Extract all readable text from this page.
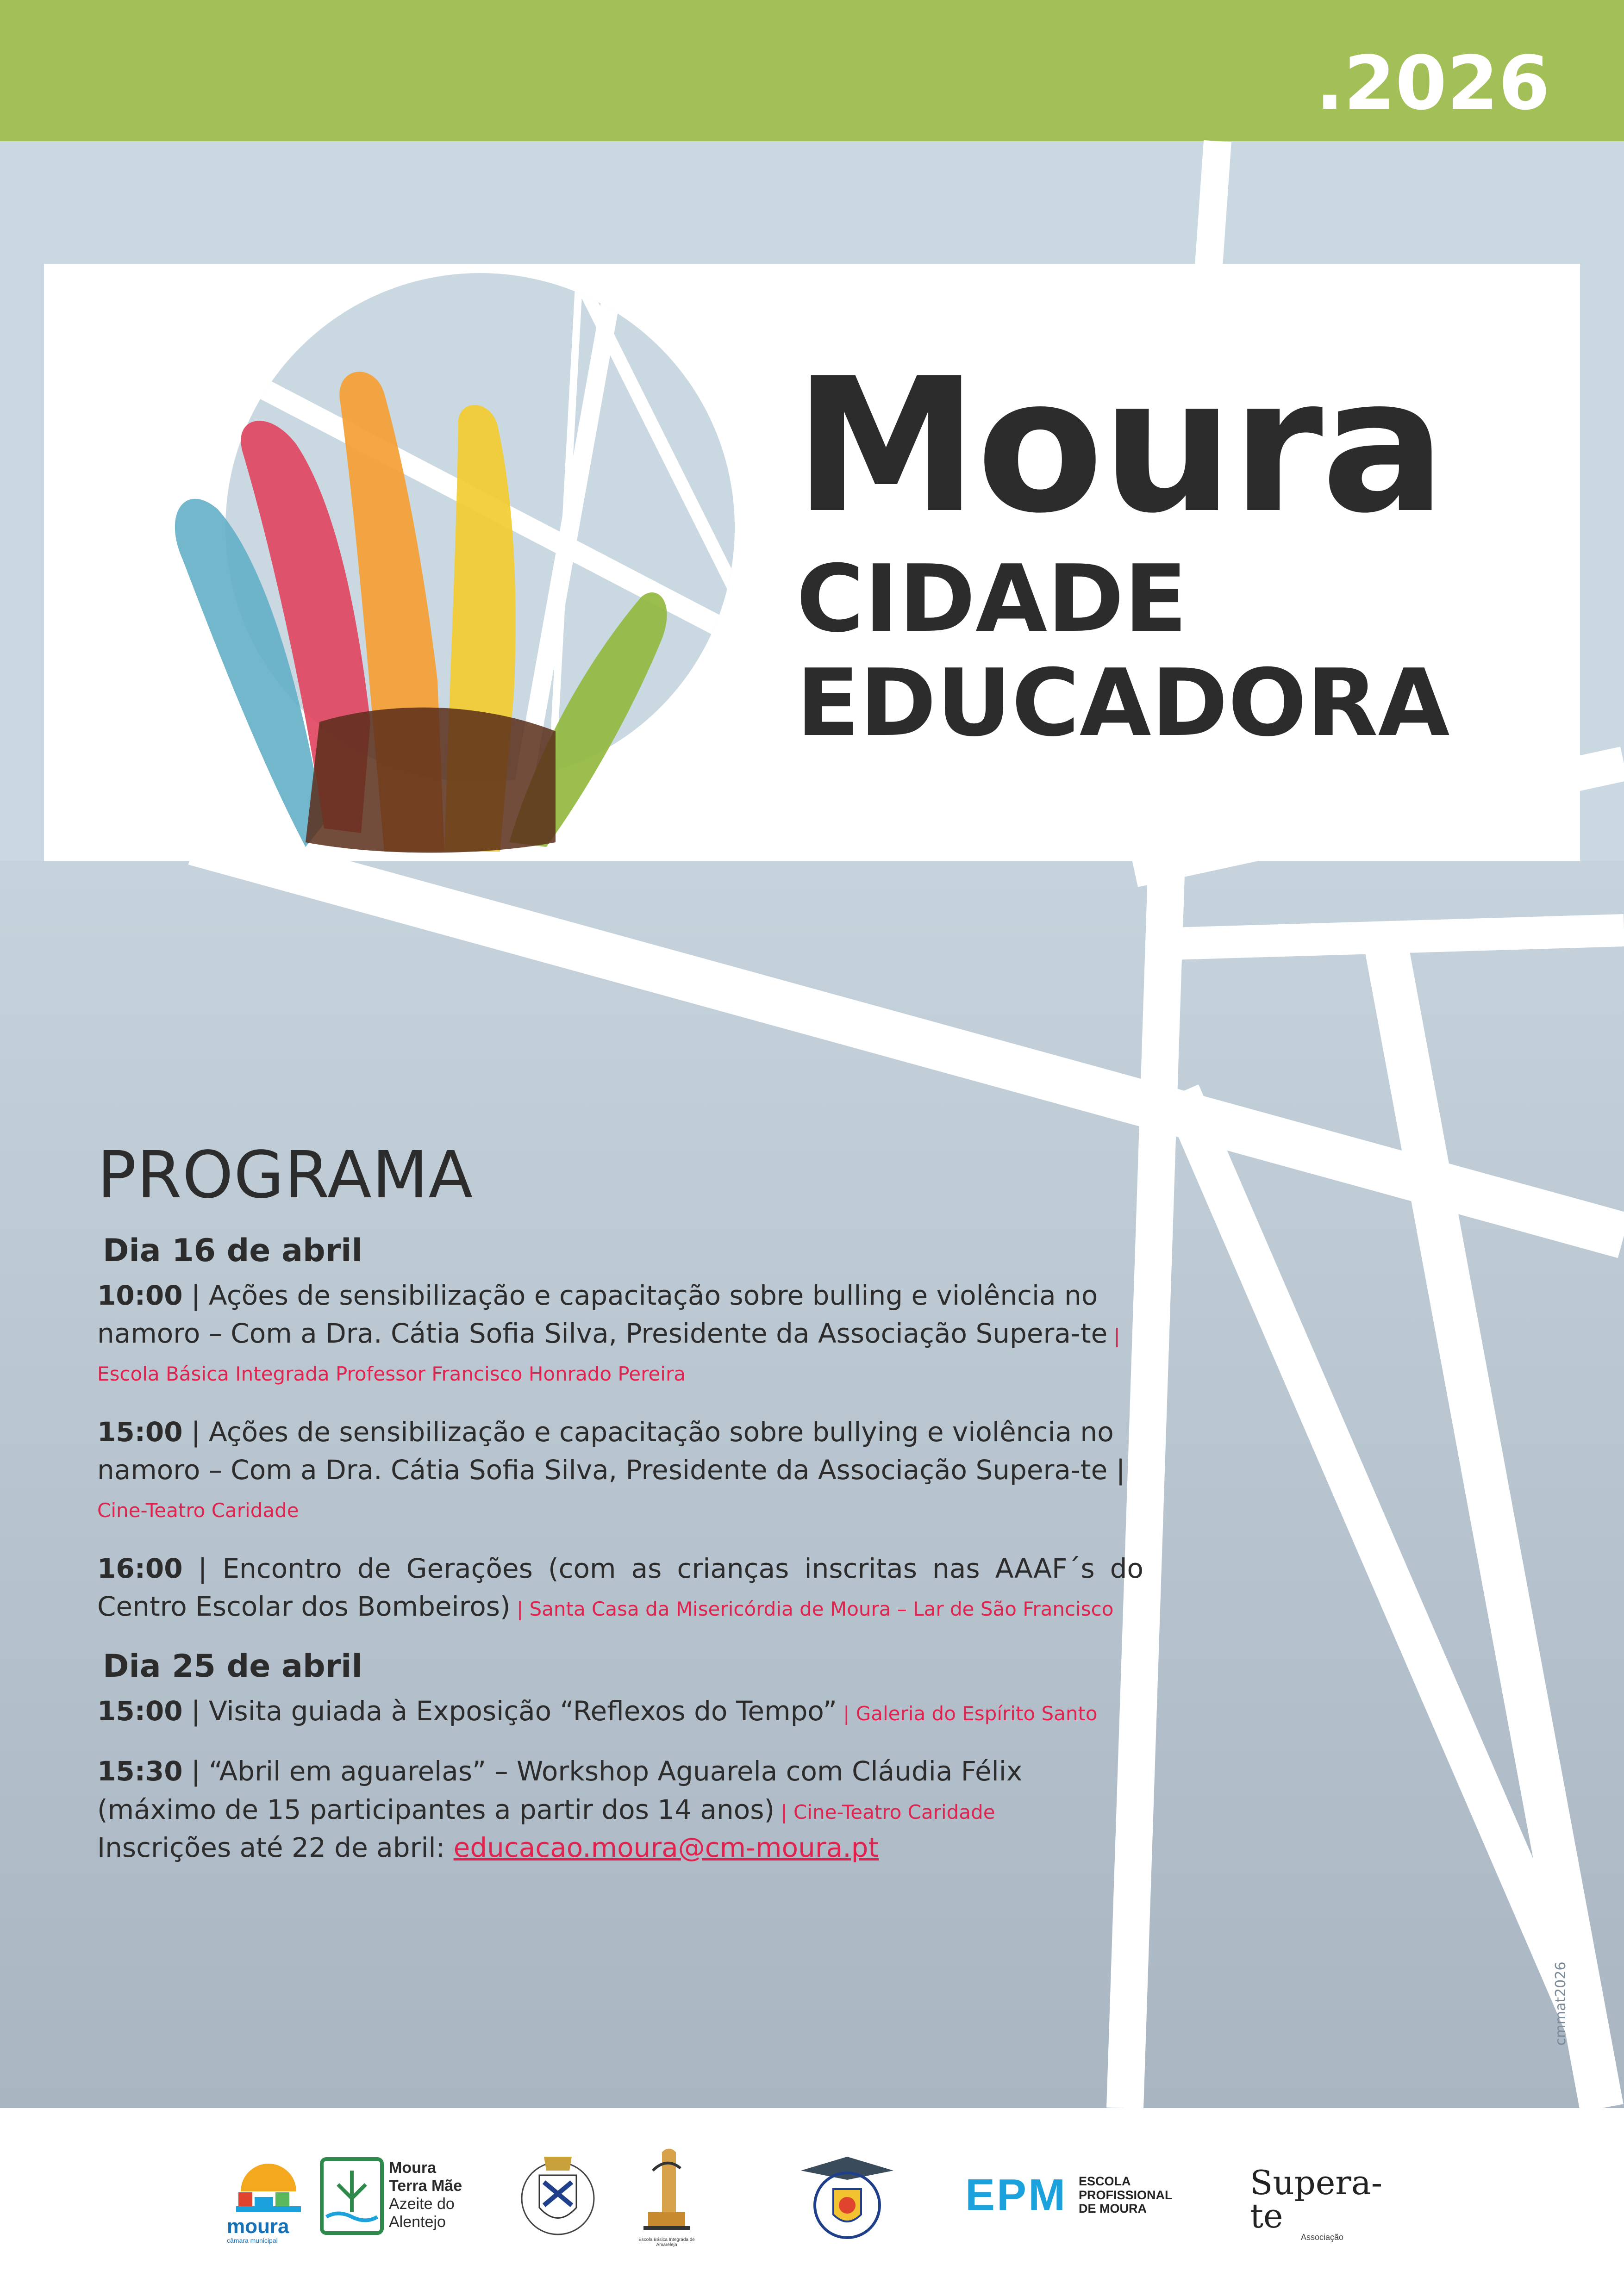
.2026
Moura
CIDADE
EDUCADORA
PROGRAMA
Dia 16 de abril
10:00 | Ações de sensibilização e capacitação sobre bulling e violência no namoro – Com a Dra. Cátia Sofia Silva, Presidente da Associação Supera-te | Escola Básica Integrada Professor Francisco Honrado Pereira
15:00 | Ações de sensibilização e capacitação sobre bullying e violência no namoro – Com a Dra. Cátia Sofia Silva, Presidente da Associação Supera-te | Cine-Teatro Caridade
16:00 | Encontro de Gerações (com as crianças inscritas nas AAAF´s do Centro Escolar dos Bombeiros) | Santa Casa da Misericórdia de Moura – Lar de São Francisco
Dia 25 de abril
15:00 | Visita guiada à Exposição “Reflexos do Tempo” | Galeria do Espírito Santo
15:30 | “Abril em aguarelas” – Workshop Aguarela com Cláudia Félix (máximo de 15 participantes a partir dos 14 anos) | Cine-Teatro Caridade
Inscrições até 22 de abril: educacao.moura@cm-moura.pt
cmmat2026
moura
câmara municipal
Moura
Terra Mãe
Azeite do
Alentejo
Escola Básica Integrada de Amareleja
EPM ESCOLA
PROFISSIONAL
DE MOURA
Supera-te
Associação
